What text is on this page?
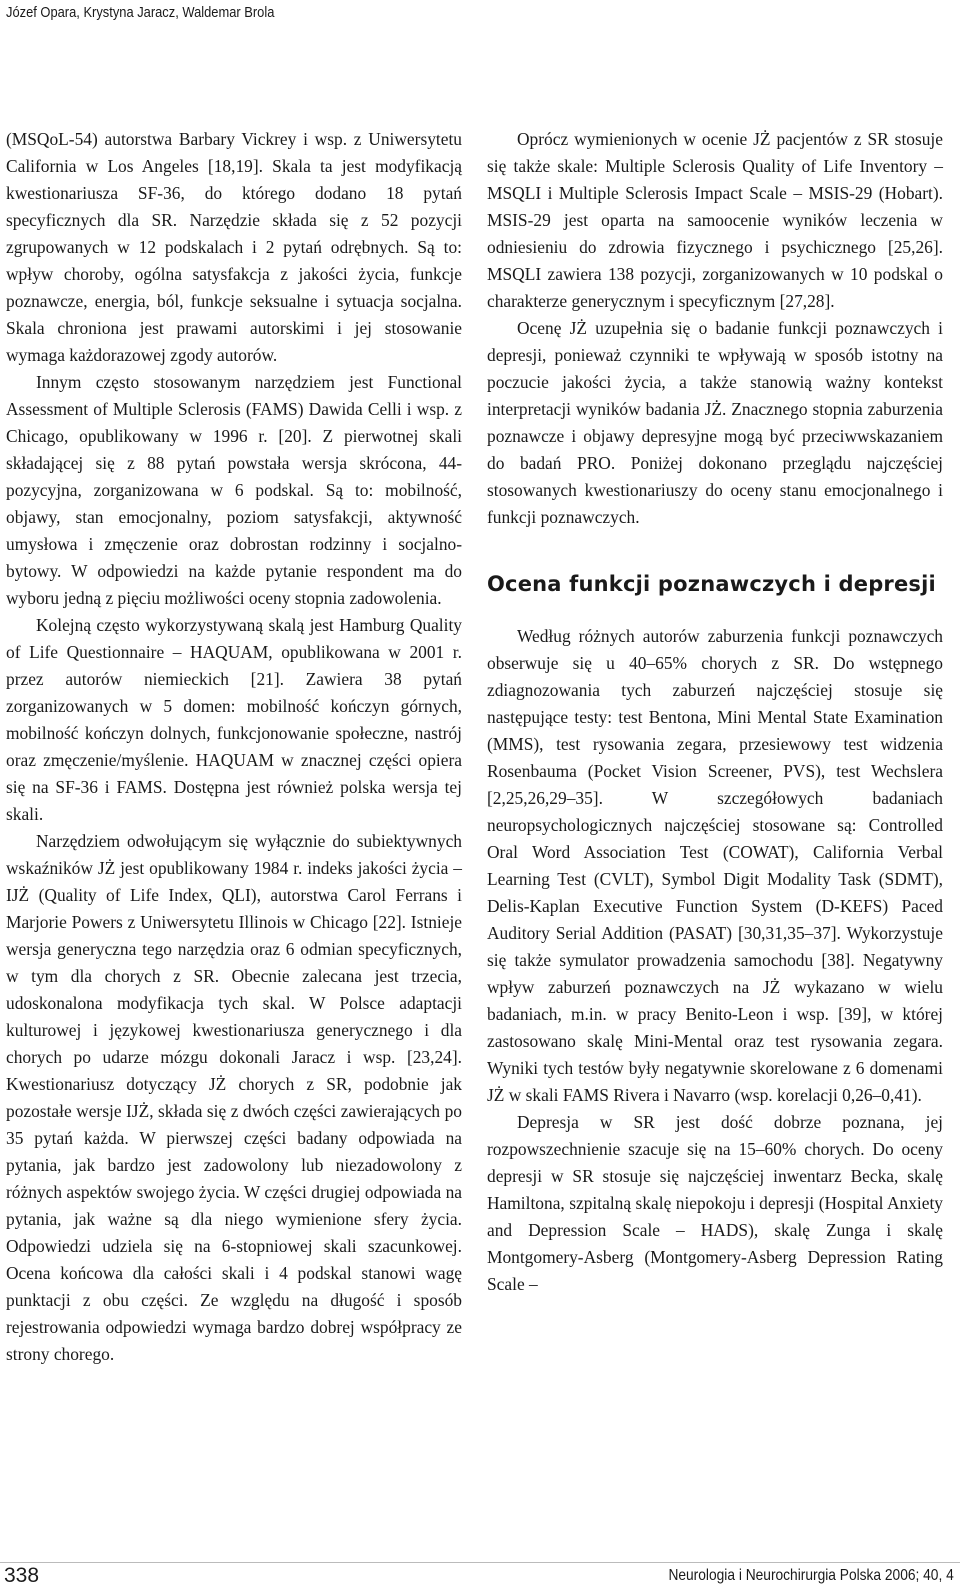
Józef Opara, Krystyna Jaracz, Waldemar Brola

(MSQoL-54) autorstwa Barbary Vickrey i wsp. z Uniwersytetu California w Los Angeles [18,19]. Skala ta jest modyfikacją kwestionariusza SF-36, do którego dodano 18 pytań specyficznych dla SR. Narzędzie składa się z 52 pozycji zgrupowanych w 12 podskalach i 2 pytań odrębnych. Są to: wpływ choroby, ogólna satysfakcja z jakości życia, funkcje poznawcze, energia, ból, funkcje seksualne i sytuacja socjalna. Skala chroniona jest prawami autorskimi i jej stosowanie wymaga każdorazowej zgody autorów.

Innym często stosowanym narzędziem jest Functional Assessment of Multiple Sclerosis (FAMS) Dawida Celli i wsp. z Chicago, opublikowany w 1996 r. [20]. Z pierwotnej skali składającej się z 88 pytań powstała wersja skrócona, 44-pozycyjna, zorganizowana w 6 podskal. Są to: mobilność, objawy, stan emocjonalny, poziom satysfakcji, aktywność umysłowa i zmęczenie oraz dobrostan rodzinny i socjalno-bytowy. W odpowiedzi na każde pytanie respondent ma do wyboru jedną z pięciu możliwości oceny stopnia zadowolenia.

Kolejną często wykorzystywaną skalą jest Hamburg Quality of Life Questionnaire – HAQUAM, opublikowana w 2001 r. przez autorów niemieckich [21]. Zawiera 38 pytań zorganizowanych w 5 domen: mobilność kończyn górnych, mobilność kończyn dolnych, funkcjonowanie społeczne, nastrój oraz zmęczenie/myślenie. HAQUAM w znacznej części opiera się na SF-36 i FAMS. Dostępna jest również polska wersja tej skali.

Narzędziem odwołującym się wyłącznie do subiektywnych wskaźników JŻ jest opublikowany 1984 r. indeks jakości życia – IJŻ (Quality of Life Index, QLI), autorstwa Carol Ferrans i Marjorie Powers z Uniwersytetu Illinois w Chicago [22]. Istnieje wersja generyczna tego narzędzia oraz 6 odmian specyficznych, w tym dla chorych z SR. Obecnie zalecana jest trzecia, udoskonalona modyfikacja tych skal. W Polsce adaptacji kulturowej i językowej kwestionariusza generycznego i dla chorych po udarze mózgu dokonali Jaracz i wsp. [23,24]. Kwestionariusz dotyczący JŻ chorych z SR, podobnie jak pozostałe wersje IJŻ, składa się z dwóch części zawierających po 35 pytań każda. W pierwszej części badany odpowiada na pytania, jak bardzo jest zadowolony lub niezadowolony z różnych aspektów swojego życia. W części drugiej odpowiada na pytania, jak ważne są dla niego wymienione sfery życia. Odpowiedzi udziela się na 6-stopniowej skali szacunkowej. Ocena końcowa dla całości skali i 4 podskal stanowi wagę punktacji z obu części. Ze względu na długość i sposób rejestrowania odpowiedzi wymaga bardzo dobrej współpracy ze strony chorego.

Oprócz wymienionych w ocenie JŻ pacjentów z SR stosuje się także skale: Multiple Sclerosis Quality of Life Inventory – MSQLI i Multiple Sclerosis Impact Scale – MSIS-29 (Hobart). MSIS-29 jest oparta na samoocenie wyników leczenia w odniesieniu do zdrowia fizycznego i psychicznego [25,26]. MSQLI zawiera 138 pozycji, zorganizowanych w 10 podskal o charakterze generycznym i specyficznym [27,28].

Ocenę JŻ uzupełnia się o badanie funkcji poznawczych i depresji, ponieważ czynniki te wpływają w sposób istotny na poczucie jakości życia, a także stanowią ważny kontekst interpretacji wyników badania JŻ. Znacznego stopnia zaburzenia poznawcze i objawy depresyjne mogą być przeciwwskazaniem do badań PRO. Poniżej dokonano przeglądu najczęściej stosowanych kwestionariuszy do oceny stanu emocjonalnego i funkcji poznawczych.

Ocena funkcji poznawczych i depresji

Według różnych autorów zaburzenia funkcji poznawczych obserwuje się u 40–65% chorych z SR. Do wstępnego zdiagnozowania tych zaburzeń najczęściej stosuje się następujące testy: test Bentona, Mini Mental State Examination (MMS), test rysowania zegara, przesiewowy test widzenia Rosenbauma (Pocket Vision Screener, PVS), test Wechslera [2,25,26,29–35]. W szczegółowych badaniach neuropsychologicznych najczęściej stosowane są: Controlled Oral Word Association Test (COWAT), California Verbal Learning Test (CVLT), Symbol Digit Modality Task (SDMT), Delis-Kaplan Executive Function System (D-KEFS) Paced Auditory Serial Addition (PASAT) [30,31,35–37]. Wykorzystuje się także symulator prowadzenia samochodu [38]. Negatywny wpływ zaburzeń poznawczych na JŻ wykazano w wielu badaniach, m.in. w pracy Benito-Leon i wsp. [39], w której zastosowano skalę Mini-Mental oraz test rysowania zegara. Wyniki tych testów były negatywnie skorelowane z 6 domenami JŻ w skali FAMS Rivera i Navarro (wsp. korelacji 0,26–0,41).

Depresja w SR jest dość dobrze poznana, jej rozpowszechnienie szacuje się na 15–60% chorych. Do oceny depresji w SR stosuje się najczęściej inwentarz Becka, skalę Hamiltona, szpitalną skalę niepokoju i depresji (Hospital Anxiety and Depression Scale – HADS), skalę Zunga i skalę Montgomery-Asberg (Montgomery-Asberg Depression Rating Scale –

338	Neurologia i Neurochirurgia Polska 2006; 40, 4
